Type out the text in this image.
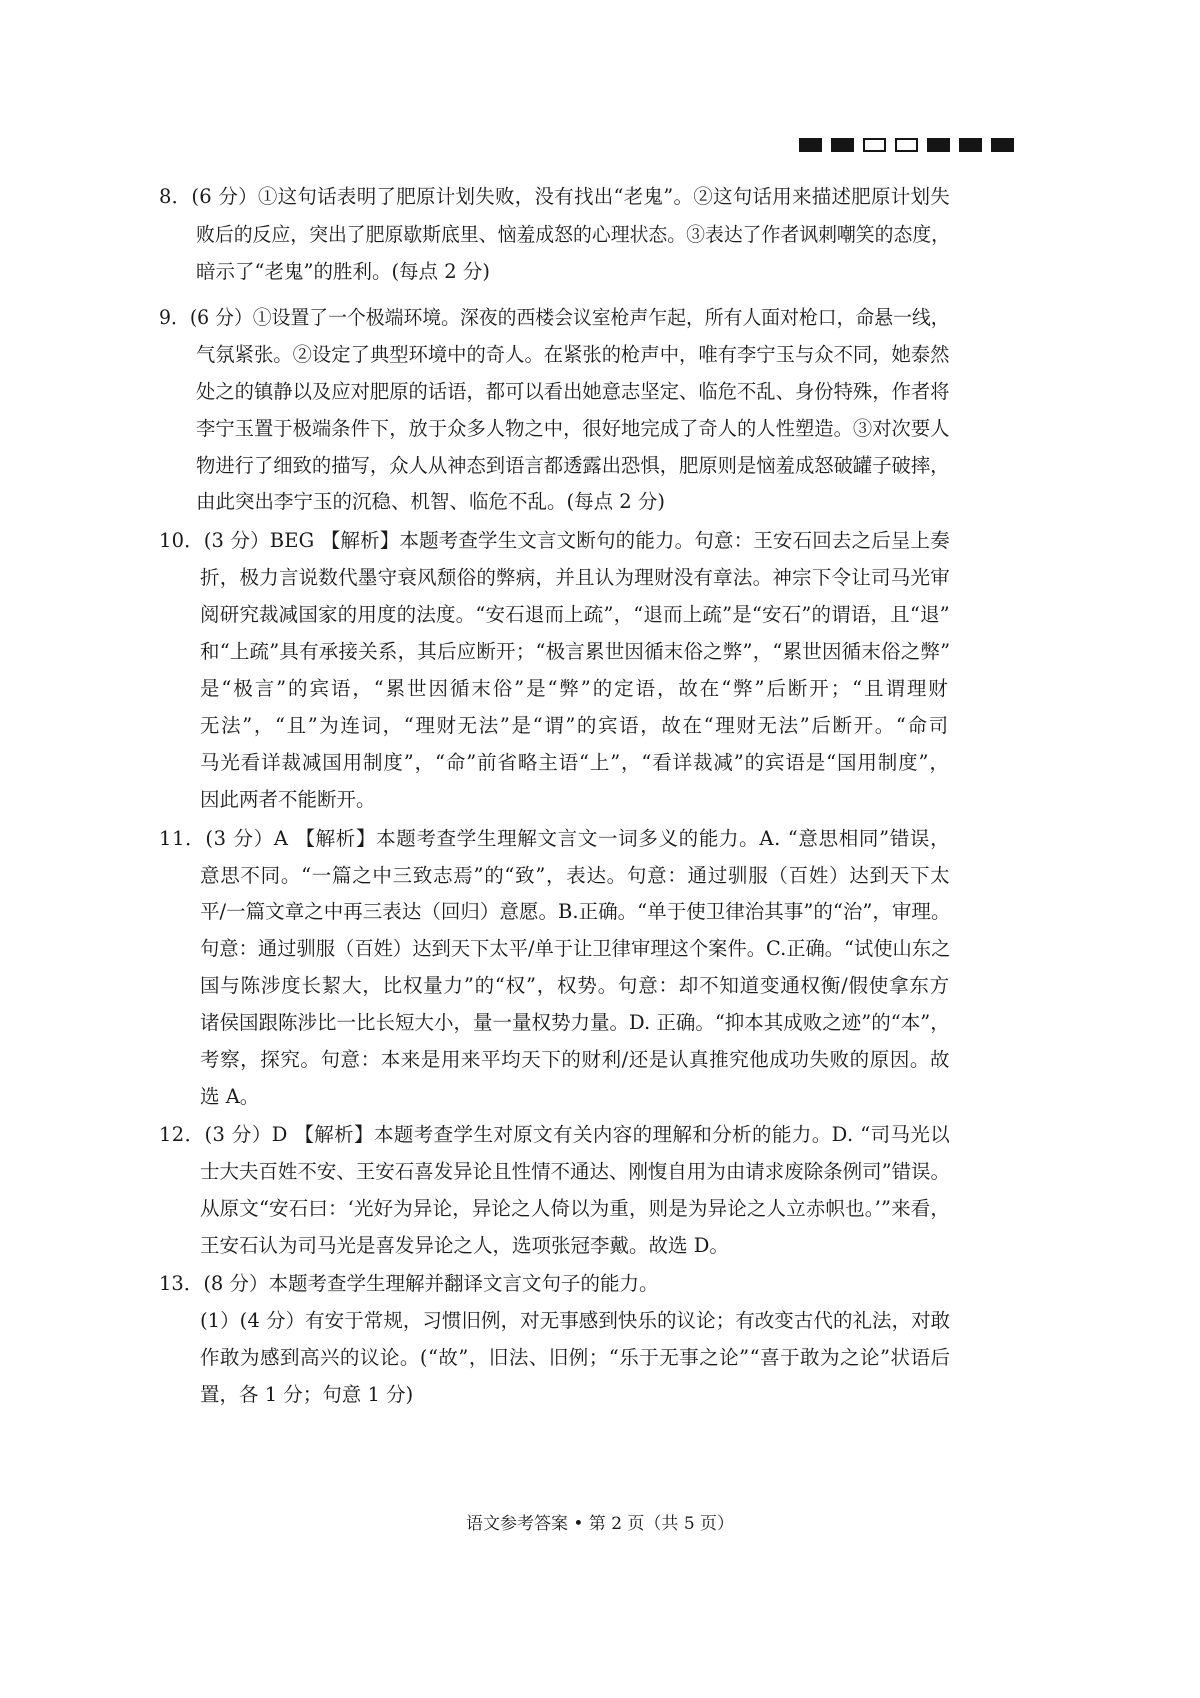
8．(6 分）①这句话表明了肥原计划失败，没有找出“老鬼”。②这句话用来描述肥原计划失
败后的反应，突出了肥原歇斯底里、恼羞成怒的心理状态。③表达了作者讽刺嘲笑的态度，
暗示了“老鬼”的胜利。(每点 2 分)
9．(6 分）①设置了一个极端环境。深夜的西楼会议室枪声乍起，所有人面对枪口，命悬一线，
气氛紧张。②设定了典型环境中的奇人。在紧张的枪声中，唯有李宁玉与众不同，她泰然
处之的镇静以及应对肥原的话语，都可以看出她意志坚定、临危不乱、身份特殊，作者将
李宁玉置于极端条件下，放于众多人物之中，很好地完成了奇人的人性塑造。③对次要人
物进行了细致的描写，众人从神态到语言都透露出恐惧，肥原则是恼羞成怒破罐子破摔，
由此突出李宁玉的沉稳、机智、临危不乱。(每点 2 分)
10．(3 分）BEG 【解析】本题考查学生文言文断句的能力。句意：王安石回去之后呈上奏
折，极力言说数代墨守衰风颓俗的弊病，并且认为理财没有章法。神宗下令让司马光审
阅研究裁减国家的用度的法度。“安石退而上疏”，“退而上疏”是“安石”的谓语，且“退”
和“上疏”具有承接关系，其后应断开；“极言累世因循末俗之弊”，“累世因循末俗之弊”
是“极言”的宾语，“累世因循末俗”是“弊”的定语，故在“弊”后断开；“且谓理财
无法”，“且”为连词，“理财无法”是“谓”的宾语，故在“理财无法”后断开。“命司
马光看详裁减国用制度”，“命”前省略主语“上”，“看详裁减”的宾语是“国用制度”，
因此两者不能断开。
11．(3 分）A 【解析】本题考查学生理解文言文一词多义的能力。A. “意思相同”错误，
意思不同。“一篇之中三致志焉”的“致”，表达。句意：通过驯服（百姓）达到天下太
平/一篇文章之中再三表达（回归）意愿。B.正确。“单于使卫律治其事”的“治”，审理。
句意：通过驯服（百姓）达到天下太平/单于让卫律审理这个案件。C.正确。“试使山东之
国与陈涉度长絜大，比权量力”的“权”，权势。句意：却不知道变通权衡/假使拿东方
诸侯国跟陈涉比一比长短大小，量一量权势力量。D. 正确。“抑本其成败之迹”的“本”，
考察，探究。句意：本来是用来平均天下的财利/还是认真推究他成功失败的原因。故
选 A。
12．(3 分）D 【解析】本题考查学生对原文有关内容的理解和分析的能力。D. “司马光以
士大夫百姓不安、王安石喜发异论且性情不通达、刚愎自用为由请求废除条例司”错误。
从原文“安石曰：‘光好为异论，异论之人倚以为重，则是为异论之人立赤帜也。’”来看，
王安石认为司马光是喜发异论之人，选项张冠李戴。故选 D。
13．(8 分）本题考查学生理解并翻译文言文句子的能力。
(1）(4 分）有安于常规，习惯旧例，对无事感到快乐的议论；有改变古代的礼法，对敢
作敢为感到高兴的议论。(“故”，旧法、旧例；“乐于无事之论”“喜于敢为之论”状语后
置，各 1 分；句意 1 分)
语文参考答案 • 第 2 页（共 5 页）
